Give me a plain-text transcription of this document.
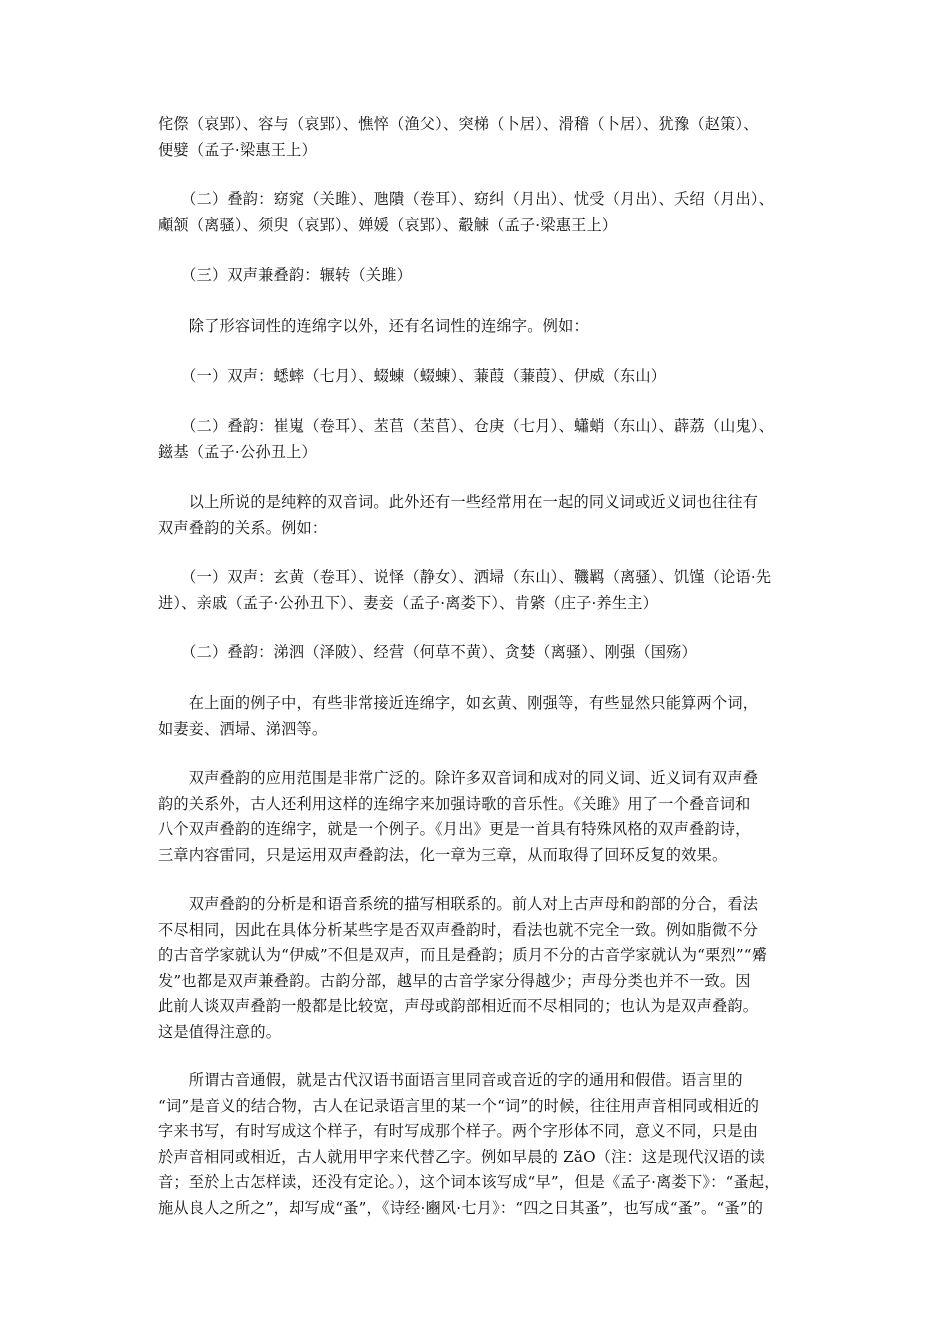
侘傺（哀郢）、容与（哀郢）、憔悴（渔父）、突梯（卜居）、滑稽（卜居）、犹豫（赵策）、
便嬖（孟子·梁惠王上）
　　（二）叠韵：窈窕（关雎）、虺隤（卷耳）、窈纠（月出）、忧受（月出）、夭绍（月出）、
顑颔（离骚）、须臾（哀郢）、婵媛（哀郢）、觳觫（孟子·梁惠王上）
　　（三）双声兼叠韵：辗转（关雎）
　　除了形容词性的连绵字以外，还有名词性的连绵字。例如：
　　（一）双声：蟋蟀（七月）、蝃蝀（蝃蝀）、蒹葭（蒹葭）、伊威（东山）
　　（二）叠韵：崔嵬（卷耳）、苤苢（苤苢）、仓庚（七月）、蠨蛸（东山）、薜荔（山鬼）、
鎡基（孟子·公孙丑上）
　　以上所说的是纯粹的双音词。此外还有一些经常用在一起的同义词或近义词也往往有
双声叠韵的关系。例如：
　　（一）双声：玄黄（卷耳）、说怿（静女）、洒埽（东山）、鞿羁（离骚）、饥馑（论语·先
进）、亲戚（孟子·公孙丑下）、妻妾（孟子·离娄下）、肯綮（庄子·养生主）
　　（二）叠韵：涕泗（泽陂）、经营（何草不黄）、贪婪（离骚）、刚强（国殇）
　　在上面的例子中，有些非常接近连绵字，如玄黄、刚强等，有些显然只能算两个词，
如妻妾、洒埽、涕泗等。
　　双声叠韵的应用范围是非常广泛的。除许多双音词和成对的同义词、近义词有双声叠
韵的关系外，古人还利用这样的连绵字来加强诗歌的音乐性。《关雎》用了一个叠音词和
八个双声叠韵的连绵字，就是一个例子。《月出》更是一首具有特殊风格的双声叠韵诗，
三章内容雷同，只是运用双声叠韵法，化一章为三章，从而取得了回环反复的效果。
　　双声叠韵的分析是和语音系统的描写相联系的。前人对上古声母和韵部的分合，看法
不尽相同，因此在具体分析某些字是否双声叠韵时，看法也就不完全一致。例如脂微不分
的古音学家就认为“伊威”不但是双声，而且是叠韵；质月不分的古音学家就认为“栗烈”“觱
发”也都是双声兼叠韵。古韵分部，越早的古音学家分得越少；声母分类也并不一致。因
此前人谈双声叠韵一般都是比较宽，声母或韵部相近而不尽相同的；也认为是双声叠韵。
这是值得注意的。
　　所谓古音通假，就是古代汉语书面语言里同音或音近的字的通用和假借。语言里的
“词”是音义的结合物，古人在记录语言里的某一个“词”的时候，往往用声音相同或相近的
字来书写，有时写成这个样子，有时写成那个样子。两个字形体不同，意义不同，只是由
於声音相同或相近，古人就用甲字来代替乙字。例如早晨的 ZǎO（注：这是现代汉语的读
音；至於上古怎样读，还没有定论。），这个词本该写成“早”，但是《孟子·离娄下》：“蚤起，
施从良人之所之”，却写成“蚤”，《诗经·豳风·七月》：“四之日其蚤”，也写成“蚤”。“蚤”的
